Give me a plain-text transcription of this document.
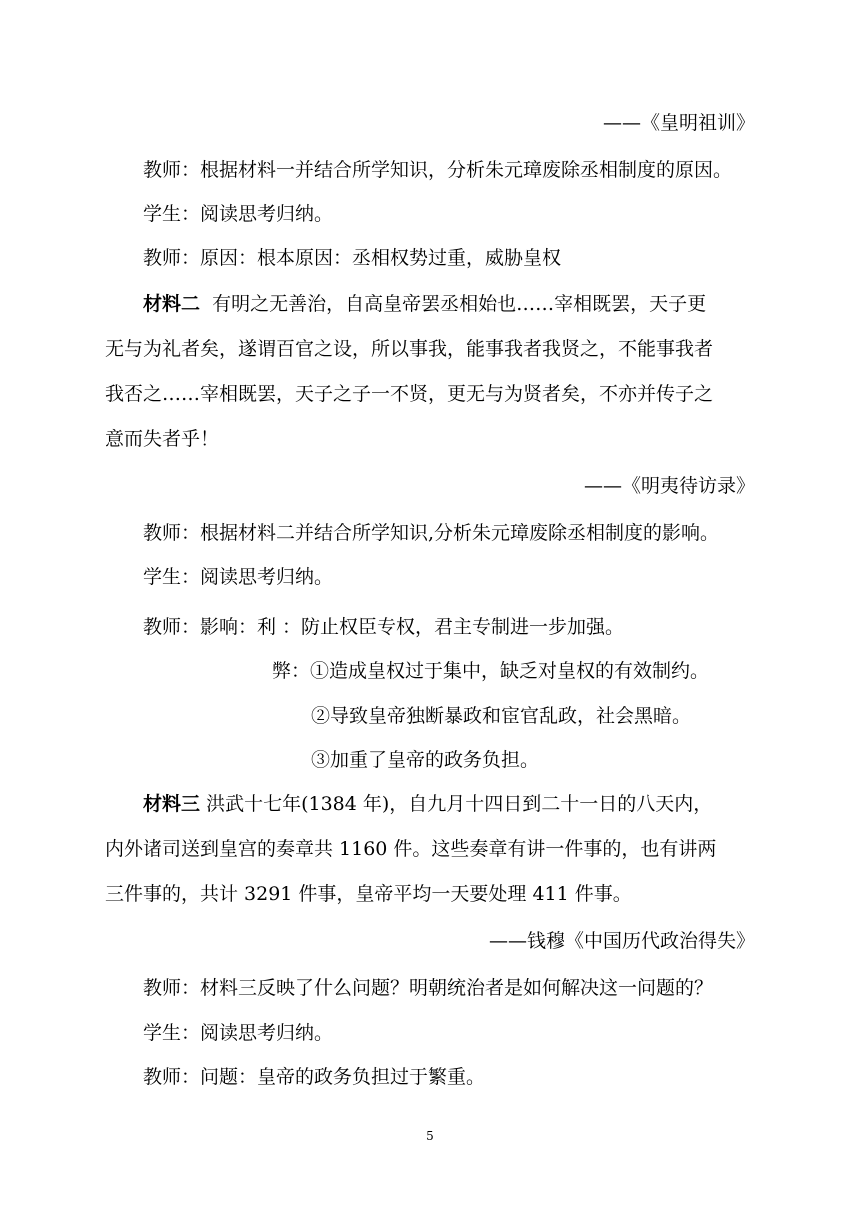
——《皇明祖训》
教师：根据材料一并结合所学知识，分析朱元璋废除丞相制度的原因。
学生：阅读思考归纳。
教师：原因：根本原因：丞相权势过重，威胁皇权
材料二 有明之无善治，自高皇帝罢丞相始也……宰相既罢，天子更
无与为礼者矣，遂谓百官之设，所以事我，能事我者我贤之，不能事我者
我否之……宰相既罢，天子之子一不贤，更无与为贤者矣，不亦并传子之
意而失者乎！
——《明夷待访录》
教师：根据材料二并结合所学知识,分析朱元璋废除丞相制度的影响。
学生：阅读思考归纳。
教师：影响：利 ：防止权臣专权，君主专制进一步加强。
弊：①造成皇权过于集中，缺乏对皇权的有效制约。
②导致皇帝独断暴政和宦官乱政，社会黑暗。
③加重了皇帝的政务负担。
材料三 洪武十七年(1384 年)，自九月十四日到二十一日的八天内，
内外诸司送到皇宫的奏章共 1160 件。这些奏章有讲一件事的，也有讲两
三件事的，共计 3291 件事，皇帝平均一天要处理 411 件事。
——钱穆《中国历代政治得失》
教师：材料三反映了什么问题？明朝统治者是如何解决这一问题的？
学生：阅读思考归纳。
教师：问题：皇帝的政务负担过于繁重。
5
